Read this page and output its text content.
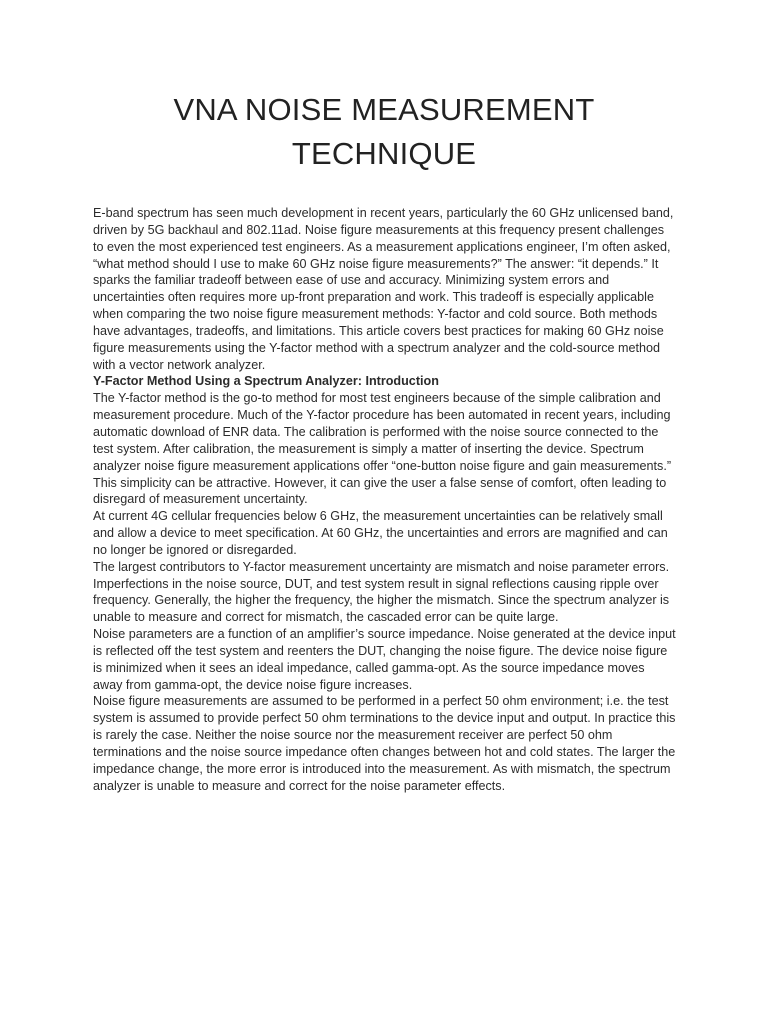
VNA NOISE MEASUREMENT
TECHNIQUE

E-band spectrum has seen much development in recent years, particularly the 60 GHz unlicensed band, driven by 5G backhaul and 802.11ad. Noise figure measurements at this frequency present challenges to even the most experienced test engineers. As a measurement applications engineer, I’m often asked, “what method should I use to make 60 GHz noise figure measurements?” The answer: “it depends.” It sparks the familiar tradeoff between ease of use and accuracy. Minimizing system errors and uncertainties often requires more up-front preparation and work. This tradeoff is especially applicable when comparing the two noise figure measurement methods: Y-factor and cold source. Both methods have advantages, tradeoffs, and limitations. This article covers best practices for making 60 GHz noise figure measurements using the Y-factor method with a spectrum analyzer and the cold-source method with a vector network analyzer.

Y-Factor Method Using a Spectrum Analyzer: Introduction

The Y-factor method is the go-to method for most test engineers because of the simple calibration and measurement procedure. Much of the Y-factor procedure has been automated in recent years, including automatic download of ENR data. The calibration is performed with the noise source connected to the test system. After calibration, the measurement is simply a matter of inserting the device. Spectrum analyzer noise figure measurement applications offer “one-button noise figure and gain measurements.” This simplicity can be attractive. However, it can give the user a false sense of comfort, often leading to disregard of measurement uncertainty.

At current 4G cellular frequencies below 6 GHz, the measurement uncertainties can be relatively small and allow a device to meet specification. At 60 GHz, the uncertainties and errors are magnified and can no longer be ignored or disregarded.

The largest contributors to Y-factor measurement uncertainty are mismatch and noise parameter errors. Imperfections in the noise source, DUT, and test system result in signal reflections causing ripple over frequency. Generally, the higher the frequency, the higher the mismatch. Since the spectrum analyzer is unable to measure and correct for mismatch, the cascaded error can be quite large.

Noise parameters are a function of an amplifier’s source impedance. Noise generated at the device input is reflected off the test system and reenters the DUT, changing the noise figure. The device noise figure is minimized when it sees an ideal impedance, called gamma-opt. As the source impedance moves away from gamma-opt, the device noise figure increases.

Noise figure measurements are assumed to be performed in a perfect 50 ohm environment; i.e. the test system is assumed to provide perfect 50 ohm terminations to the device input and output. In practice this is rarely the case. Neither the noise source nor the measurement receiver are perfect 50 ohm terminations and the noise source impedance often changes between hot and cold states. The larger the impedance change, the more error is introduced into the measurement. As with mismatch, the spectrum analyzer is unable to measure and correct for the noise parameter effects.
